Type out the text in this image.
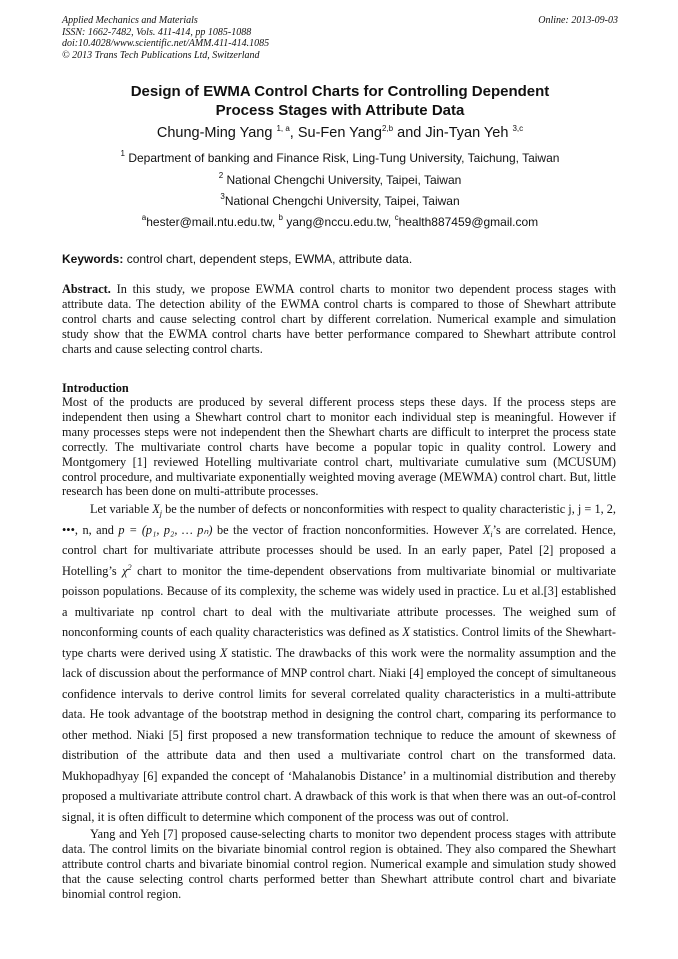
Applied Mechanics and Materials
ISSN: 1662-7482, Vols. 411-414, pp 1085-1088
doi:10.4028/www.scientific.net/AMM.411-414.1085
© 2013 Trans Tech Publications Ltd, Switzerland
Online: 2013-09-03
Design of EWMA Control Charts for Controlling Dependent
Process Stages with Attribute Data
Chung-Ming Yang $^{1, a}$, Su-Fen Yang$^{2,b}$ and Jin-Tyan Yeh $^{3,c}$
$^1$ Department of banking and Finance Risk, Ling-Tung University, Taichung, Taiwan
$^2$ National Chengchi University, Taipei, Taiwan
$^3$National Chengchi University, Taipei, Taiwan
$^a$hester@mail.ntu.edu.tw, $^b$ yang@nccu.edu.tw, $^c$health887459@gmail.com
Keywords: control chart, dependent steps, EWMA, attribute data.
Abstract. In this study, we propose EWMA control charts to monitor two dependent process stages with attribute data. The detection ability of the EWMA control charts is compared to those of Shewhart attribute control charts and cause selecting control chart by different correlation. Numerical example and simulation study show that the EWMA control charts have better performance compared to Shewhart attribute control charts and cause selecting control charts.
Introduction

Most of the products are produced by several different process steps these days. If the process steps are independent then using a Shewhart control chart to monitor each individual step is meaningful. However if many processes steps were not independent then the Shewhart charts are difficult to interpret the process state correctly. The multivariate control charts have become a popular topic in quality control. Lowery and Montgomery [1] reviewed Hotelling multivariate control chart, multivariate cumulative sum (MCUSUM) control procedure, and multivariate exponentially weighted moving average (MEWMA) control chart. But, little research has been done on multi-attribute processes.

Let variable $X_j$ be the number of defects or nonconformities with respect to quality characteristic j, j = 1, 2, •••, n, and p = (p₁, p₂, … pₙ) be the vector of fraction nonconformities. However $X_i’s$ are correlated. Hence, control chart for multivariate attribute processes should be used. In an early paper, Patel [2] proposed a Hotelling’s $\chi^2$ chart to monitor the time-dependent observations from multivariate binomial or multivariate poisson populations. Because of its complexity, the scheme was widely used in practice. Lu et al.[3] established a multivariate np control chart to deal with the multivariate attribute processes. The weighed sum of nonconforming counts of each quality characteristics was defined as X statistics. Control limits of the Shewhart-type charts were derived using X statistic. The drawbacks of this work were the normality assumption and the lack of discussion about the performance of MNP control chart. Niaki [4] employed the concept of simultaneous confidence intervals to derive control limits for several correlated quality characteristics in a multi-attribute data. He took advantage of the bootstrap method in designing the control chart, comparing its performance to other method. Niaki [5] first proposed a new transformation technique to reduce the amount of skewness of distribution of the attribute data and then used a multivariate control chart on the transformed data. Mukhopadhyay [6] expanded the concept of ‘Mahalanobis Distance’ in a multinomial distribution and thereby proposed a multivariate attribute control chart. A drawback of this work is that when there was an out-of-control signal, it is often difficult to determine which component of the process was out of control.

Yang and Yeh [7] proposed cause-selecting charts to monitor two dependent process stages with attribute data. The control limits on the bivariate binomial control region is obtained. They also compared the Shewhart attribute control charts and bivariate binomial control region. Numerical example and simulation study showed that the cause selecting control charts performed better than Shewhart attribute control chart and bivariate binomial control region.
